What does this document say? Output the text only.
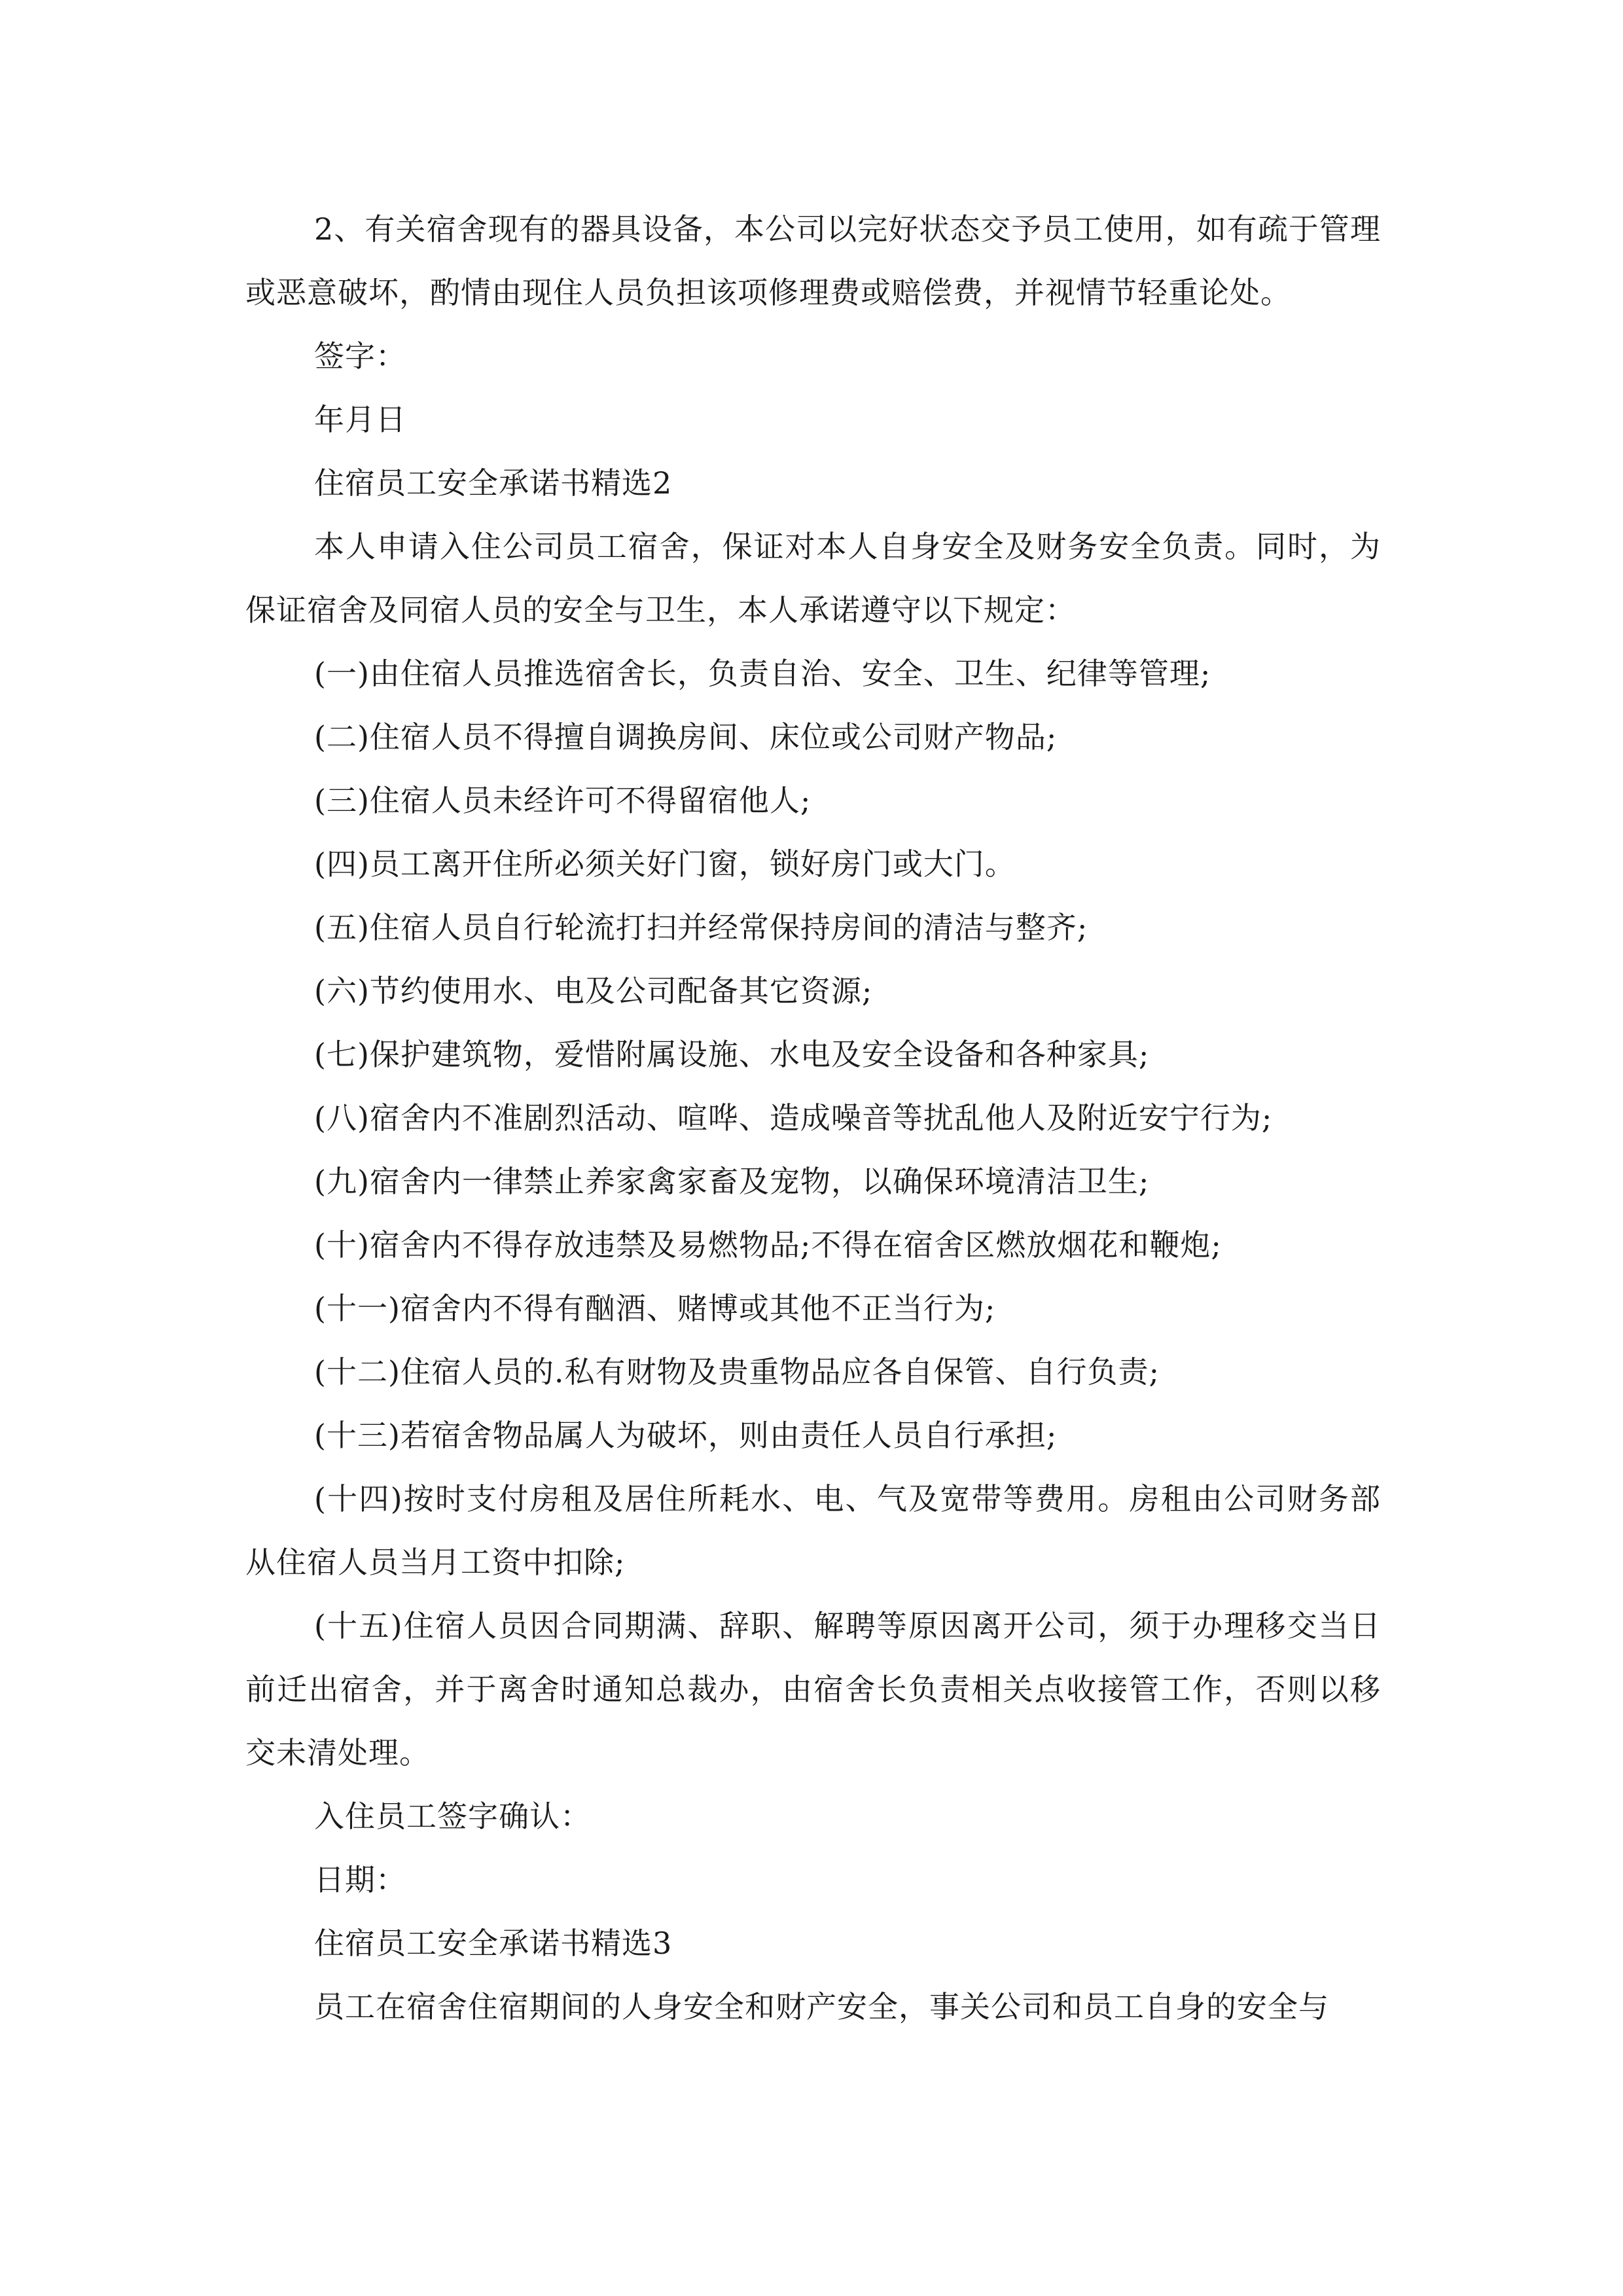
2、有关宿舍现有的器具设备，本公司以完好状态交予员工使用，如有疏于管理或恶意破坏，酌情由现住人员负担该项修理费或赔偿费，并视情节轻重论处。

签字：

年月日

住宿员工安全承诺书精选2

本人申请入住公司员工宿舍，保证对本人自身安全及财务安全负责。同时，为保证宿舍及同宿人员的安全与卫生，本人承诺遵守以下规定：

(一)由住宿人员推选宿舍长，负责自治、安全、卫生、纪律等管理;

(二)住宿人员不得擅自调换房间、床位或公司财产物品;

(三)住宿人员未经许可不得留宿他人;

(四)员工离开住所必须关好门窗，锁好房门或大门。

(五)住宿人员自行轮流打扫并经常保持房间的清洁与整齐;

(六)节约使用水、电及公司配备其它资源;

(七)保护建筑物，爱惜附属设施、水电及安全设备和各种家具;

(八)宿舍内不准剧烈活动、喧哗、造成噪音等扰乱他人及附近安宁行为;

(九)宿舍内一律禁止养家禽家畜及宠物，以确保环境清洁卫生;

(十)宿舍内不得存放违禁及易燃物品;不得在宿舍区燃放烟花和鞭炮;

(十一)宿舍内不得有酗酒、赌博或其他不正当行为;

(十二)住宿人员的.私有财物及贵重物品应各自保管、自行负责;

(十三)若宿舍物品属人为破坏，则由责任人员自行承担;

(十四)按时支付房租及居住所耗水、电、气及宽带等费用。房租由公司财务部从住宿人员当月工资中扣除;

(十五)住宿人员因合同期满、辞职、解聘等原因离开公司，须于办理移交当日前迁出宿舍，并于离舍时通知总裁办，由宿舍长负责相关点收接管工作，否则以移交未清处理。

入住员工签字确认：

日期：

住宿员工安全承诺书精选3

员工在宿舍住宿期间的人身安全和财产安全，事关公司和员工自身的安全与
